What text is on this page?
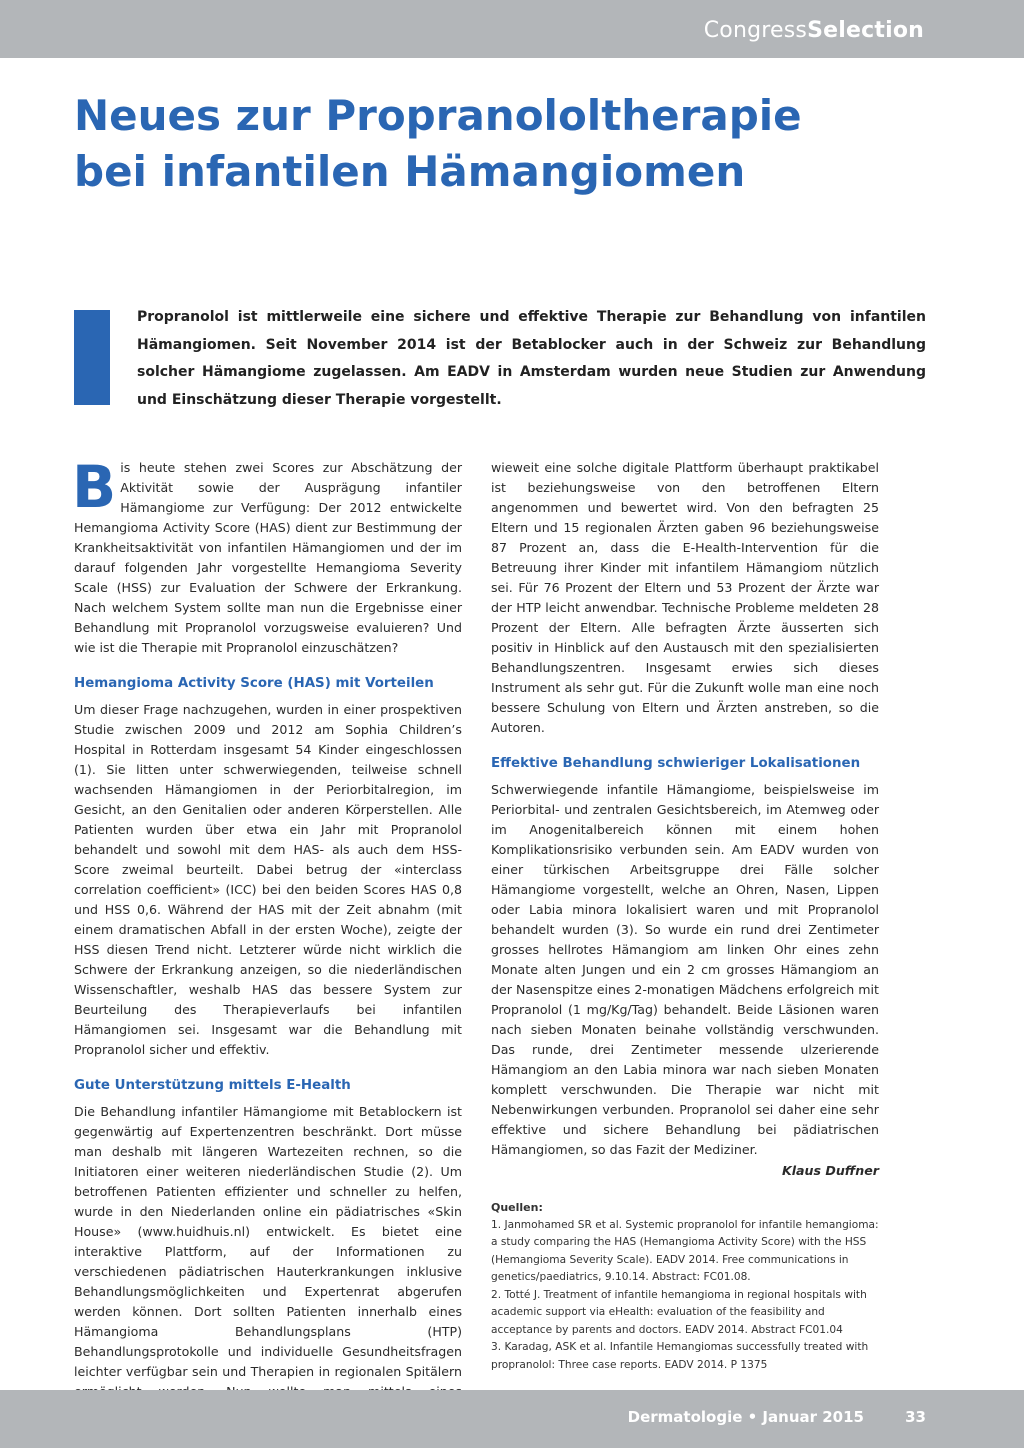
CongressSelection
Neues zur Propranololtherapie
bei infantilen Hämangiomen

Propranolol ist mittlerweile eine sichere und effektive Therapie zur Behandlung von infantilen Hämangiomen. Seit November 2014 ist der Betablocker auch in der Schweiz zur Behandlung solcher Hämangiome zugelassen. Am EADV in Amsterdam wurden neue Studien zur Anwendung und Einschätzung dieser Therapie vorgestellt.

Bis heute stehen zwei Scores zur Abschätzung der Aktivität sowie der Ausprägung infantiler Hämangiome zur Verfügung: Der 2012 entwickelte Hemangioma Activity Score (HAS) dient zur Bestimmung der Krankheitsaktivität von infantilen Hämangiomen und der im darauf folgenden Jahr vorgestellte Hemangioma Severity Scale (HSS) zur Evaluation der Schwere der Erkrankung. Nach welchem System sollte man nun die Ergebnisse einer Behandlung mit Propranolol vorzugsweise evaluieren? Und wie ist die Therapie mit Propranolol einzuschätzen?

Hemangioma Activity Score (HAS) mit Vorteilen

Um dieser Frage nachzugehen, wurden in einer prospektiven Studie zwischen 2009 und 2012 am Sophia Children’s Hospital in Rotterdam insgesamt 54 Kinder eingeschlossen (1). Sie litten unter schwerwiegenden, teilweise schnell wachsenden Hämangiomen in der Periorbitalregion, im Gesicht, an den Genitalien oder anderen Körperstellen. Alle Patienten wurden über etwa ein Jahr mit Propranolol behandelt und sowohl mit dem HAS- als auch dem HSS-Score zweimal beurteilt. Dabei betrug der «interclass correlation coefficient» (ICC) bei den beiden Scores HAS 0,8 und HSS 0,6. Während der HAS mit der Zeit abnahm (mit einem dramatischen Abfall in der ersten Woche), zeigte der HSS diesen Trend nicht. Letzterer würde nicht wirklich die Schwere der Erkrankung anzeigen, so die niederländischen Wissenschaftler, weshalb HAS das bessere System zur Beurteilung des Therapieverlaufs bei infantilen Hämangiomen sei. Insgesamt war die Behandlung mit Propranolol sicher und effektiv.

Gute Unterstützung mittels E-Health

Die Behandlung infantiler Hämangiome mit Betablockern ist gegenwärtig auf Expertenzentren beschränkt. Dort müsse man deshalb mit längeren Wartezeiten rechnen, so die Initiatoren einer weiteren niederländischen Studie (2). Um betroffenen Patienten effizienter und schneller zu helfen, wurde in den Niederlanden online ein pädiatrisches «Skin House» (www.huidhuis.nl) entwickelt. Es bietet eine interaktive Plattform, auf der Informationen zu verschiedenen pädiatrischen Hauterkrankungen inklusive Behandlungsmöglichkeiten und Expertenrat abgerufen werden können. Dort sollten Patienten innerhalb eines Hämangioma Behandlungsplans (HTP) Behandlungsprotokolle und individuelle Gesundheitsfragen leichter verfügbar sein und Therapien in regionalen Spitälern

wieweit eine solche digitale Plattform überhaupt praktikabel ist beziehungsweise von den betroffenen Eltern angenommen und bewertet wird. Von den befragten 25 Eltern und 15 regionalen Ärzten gaben 96 beziehungsweise 87 Prozent an, dass die E-Health-Intervention für die Betreuung ihrer Kinder mit infantilem Hämangiom nützlich sei. Für 76 Prozent der Eltern und 53 Prozent der Ärzte war der HTP leicht anwendbar. Technische Probleme meldeten 28 Prozent der Eltern. Alle befragten Ärzte äusserten sich positiv in Hinblick auf den Austausch mit den spezialisierten Behandlungszentren. Insgesamt erwies sich dieses Instrument als sehr gut. Für die Zukunft wolle man eine noch bessere Schulung von Eltern und Ärzten anstreben, so die Autoren.

Effektive Behandlung schwieriger Lokalisationen

Schwerwiegende infantile Hämangiome, beispielsweise im Periorbital- und zentralen Gesichtsbereich, im Atemweg oder im Anogenitalbereich können mit einem hohen Komplikationsrisiko verbunden sein. Am EADV wurden von einer türkischen Arbeitsgruppe drei Fälle solcher Hämangiome vorgestellt, welche an Ohren, Nasen, Lippen oder Labia minora lokalisiert waren und mit Propranolol behandelt wurden (3). So wurde ein rund drei Zentimeter grosses hellrotes Hämangiom am linken Ohr eines zehn Monate alten Jungen und ein 2 cm grosses Hämangiom an der Nasenspitze eines 2-monatigen Mädchens erfolgreich mit Propranolol (1 mg/Kg/Tag) behandelt. Beide Läsionen waren nach sieben Monaten beinahe vollständig verschwunden. Das runde, drei Zentimeter messende ulzerierende Hämangiom an den Labia minora war nach sieben Monaten komplett verschwunden. Die Therapie war nicht mit Nebenwirkungen verbunden. Propranolol sei daher eine sehr effektive und sichere Behandlung bei pädiatrischen Hämangiomen, so das Fazit der Mediziner.

Klaus Duffner
Quellen:
1. Janmohamed SR et al. Systemic propranolol for infantile hemangioma: a study comparing the HAS (Hemangioma Activity Score) with the HSS (Hemangioma Severity Scale). EADV 2014. Free communications in genetics/paediatrics, 9.10.14. Abstract: FC01.08.
2. Totté J. Treatment of infantile hemangioma in regional hospitals with academic support via eHealth: evaluation of the feasibility and acceptance by parents and doctors. EADV 2014. Abstract FC01.04
3. Karadag, ASK et al. Infantile Hemangiomas successfully treated with propranolol: Three case reports. EADV 2014. P 1375
Dermatologie • Januar 2015	33
